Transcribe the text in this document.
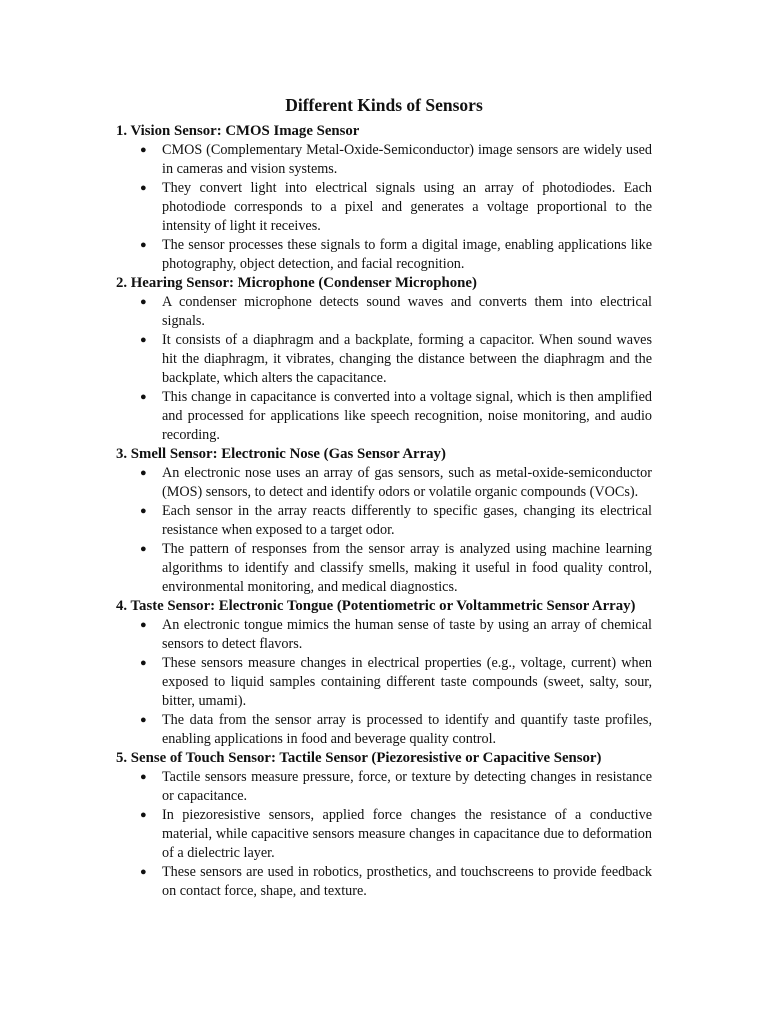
Different Kinds of Sensors
1. Vision Sensor: CMOS Image Sensor
● CMOS (Complementary Metal-Oxide-Semiconductor) image sensors are widely used in cameras and vision systems.
● They convert light into electrical signals using an array of photodiodes. Each photodiode corresponds to a pixel and generates a voltage proportional to the intensity of light it receives.
● The sensor processes these signals to form a digital image, enabling applications like photography, object detection, and facial recognition.
2. Hearing Sensor: Microphone (Condenser Microphone)
● A condenser microphone detects sound waves and converts them into electrical signals.
● It consists of a diaphragm and a backplate, forming a capacitor. When sound waves hit the diaphragm, it vibrates, changing the distance between the diaphragm and the backplate, which alters the capacitance.
● This change in capacitance is converted into a voltage signal, which is then amplified and processed for applications like speech recognition, noise monitoring, and audio recording.
3. Smell Sensor: Electronic Nose (Gas Sensor Array)
● An electronic nose uses an array of gas sensors, such as metal-oxide-semiconductor (MOS) sensors, to detect and identify odors or volatile organic compounds (VOCs).
● Each sensor in the array reacts differently to specific gases, changing its electrical resistance when exposed to a target odor.
● The pattern of responses from the sensor array is analyzed using machine learning algorithms to identify and classify smells, making it useful in food quality control, environmental monitoring, and medical diagnostics.
4. Taste Sensor: Electronic Tongue (Potentiometric or Voltammetric Sensor Array)
● An electronic tongue mimics the human sense of taste by using an array of chemical sensors to detect flavors.
● These sensors measure changes in electrical properties (e.g., voltage, current) when exposed to liquid samples containing different taste compounds (sweet, salty, sour, bitter, umami).
● The data from the sensor array is processed to identify and quantify taste profiles, enabling applications in food and beverage quality control.
5. Sense of Touch Sensor: Tactile Sensor (Piezoresistive or Capacitive Sensor)
● Tactile sensors measure pressure, force, or texture by detecting changes in resistance or capacitance.
● In piezoresistive sensors, applied force changes the resistance of a conductive material, while capacitive sensors measure changes in capacitance due to deformation of a dielectric layer.
● These sensors are used in robotics, prosthetics, and touchscreens to provide feedback on contact force, shape, and texture.
